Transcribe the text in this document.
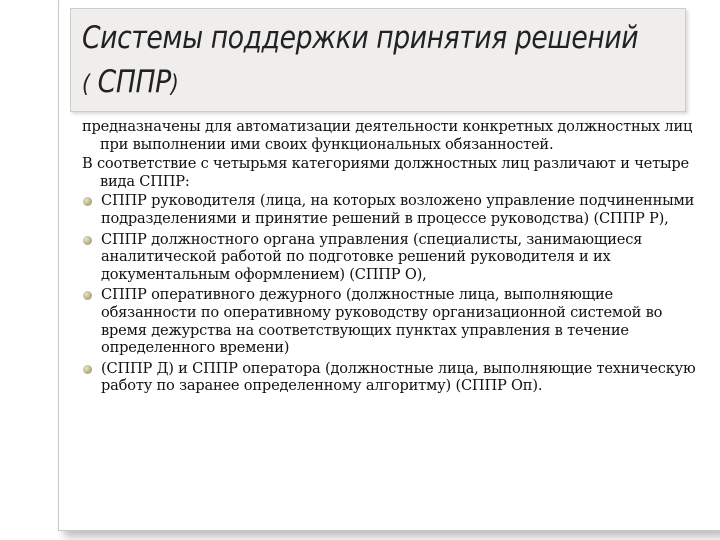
Системы поддержки принятия решений
( СППР)

предназначены для автоматизации деятельности конкретных должностных лиц при выполнении ими своих функциональных обязанностей.

В соответствие с четырьмя категориями должностных лиц различают и четыре вида СППР:

СППР руководителя (лица, на которых возложено управление подчиненными подразделениями и принятие решений в процессе руководства) (СППР Р),
СППР должностного органа управления (специалисты, занимающиеся аналитической работой по подготовке решений руководителя и их документальным оформлением) (СППР О),
СППР оперативного дежурного (должностные лица, выполняющие обязанности по оперативному руководству организационной системой во время дежурства на соответствующих пунктах управления в течение определенного времени)
(СППР Д) и СППР оператора (должностные лица, выполняющие техническую работу по заранее определенному алгоритму) (СППР Оп).
